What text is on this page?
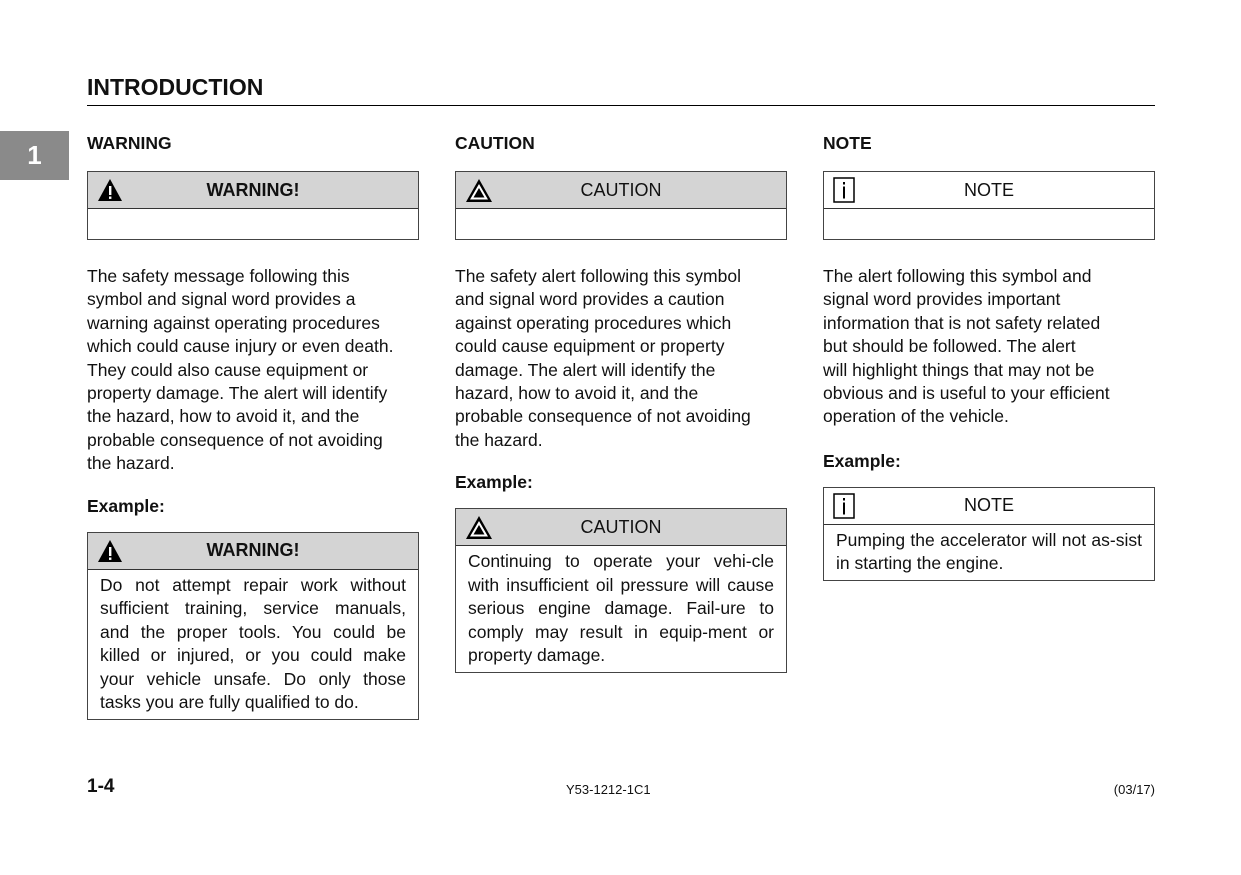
INTRODUCTION
1	WARNING
WARNING!
The safety message following this
symbol and signal word provides a
warning against operating procedures
which could cause injury or even death.
They could also cause equipment or
property damage. The alert will identify
the hazard, how to avoid it, and the
probable consequence of not avoiding
the hazard.
Example:
WARNING!
Do not attempt repair work without sufficient training, service manuals, and the proper tools. You could be killed or injured, or you could make your vehicle unsafe. Do only those tasks you are fully qualified to do.
CAUTION
CAUTION
The safety alert following this symbol
and signal word provides a caution
against operating procedures which
could cause equipment or property
damage. The alert will identify the
hazard, how to avoid it, and the
probable consequence of not avoiding
the hazard.
Example:
CAUTION
Continuing to operate your vehi-cle with insufficient oil pressure will cause serious engine damage. Fail-ure to comply may result in equip-ment or property damage.
NOTE
NOTE
The alert following this symbol and
signal word provides important
information that is not safety related
but should be followed. The alert
will highlight things that may not be
obvious and is useful to your efficient
operation of the vehicle.
Example:
NOTE
Pumping the accelerator will not as-sist in starting the engine.
1-4	Y53-1212-1C1	(03/17)
